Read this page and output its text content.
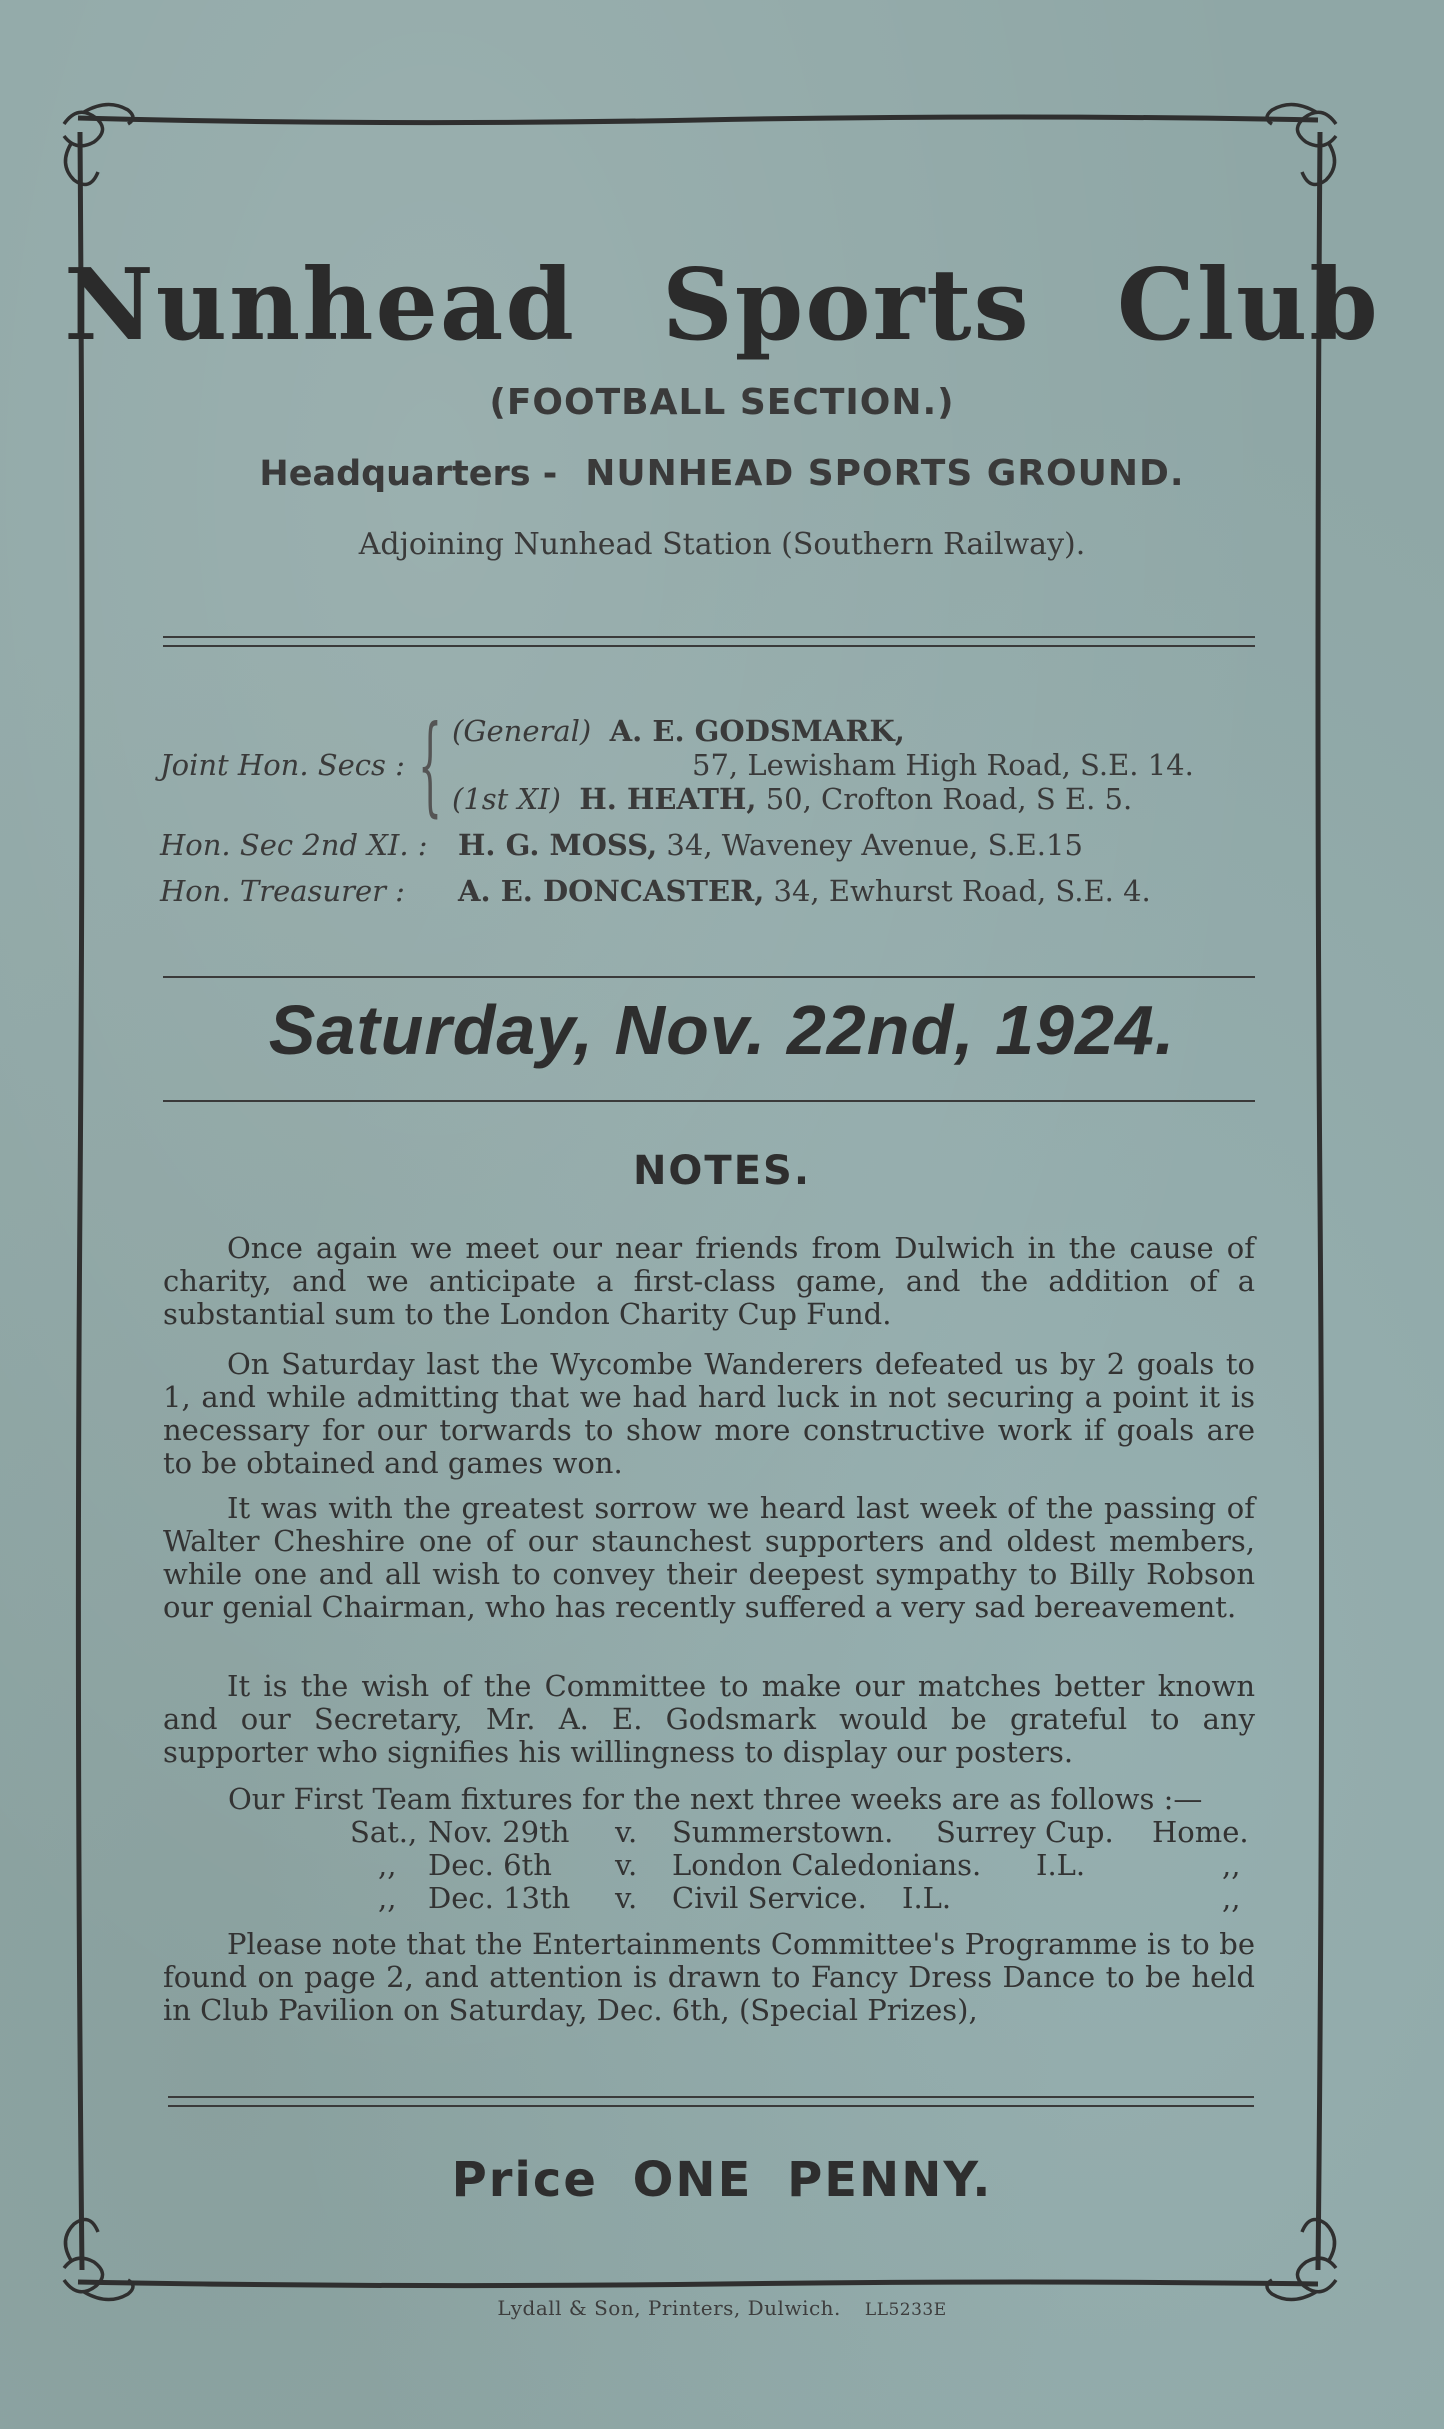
Nunhead Sports Club
(FOOTBALL SECTION.)
Headquarters - NUNHEAD SPORTS GROUND.
Adjoining Nunhead Station (Southern Railway).
Joint Hon. Secs : { (General) A. E. GODSMARK,
57, Lewisham High Road, S.E. 14.
(1st XI) H. HEATH, 50, Crofton Road, S E. 5.
Hon. Sec 2nd XI. : H. G. MOSS, 34, Waveney Avenue, S.E.15
Hon. Treasurer : A. E. DONCASTER, 34, Ewhurst Road, S.E. 4.
Saturday, Nov. 22nd, 1924.
NOTES.
Once again we meet our near friends from Dulwich in the cause of charity, and we anticipate a first-class game, and the addition of a substantial sum to the London Charity Cup Fund.
On Saturday last the Wycombe Wanderers defeated us by 2 goals to 1, and while admitting that we had hard luck in not securing a point it is necessary for our torwards to show more constructive work if goals are to be obtained and games won.
It was with the greatest sorrow we heard last week of the passing of Walter Cheshire one of our staunchest supporters and oldest members, while one and all wish to convey their deepest sympathy to Billy Robson our genial Chairman, who has recently suffered a very sad bereavement.
It is the wish of the Committee to make our matches better known and our Secretary, Mr. A. E. Godsmark would be grateful to any supporter who signifies his willingness to display our posters.
Our First Team fixtures for the next three weeks are as follows :—
Sat., Nov. 29th v. Summerstown. Surrey Cup. Home.
,, Dec. 6th v. London Caledonians. I.L.	,,
,, Dec. 13th v. Civil Service. I.L.	,,
Please note that the Entertainments Committee's Programme is to be found on page 2, and attention is drawn to Fancy Dress Dance to be held in Club Pavilion on Saturday, Dec. 6th, (Special Prizes),
Price ONE PENNY.
Lydall & Son, Printers, Dulwich. LL5233E
